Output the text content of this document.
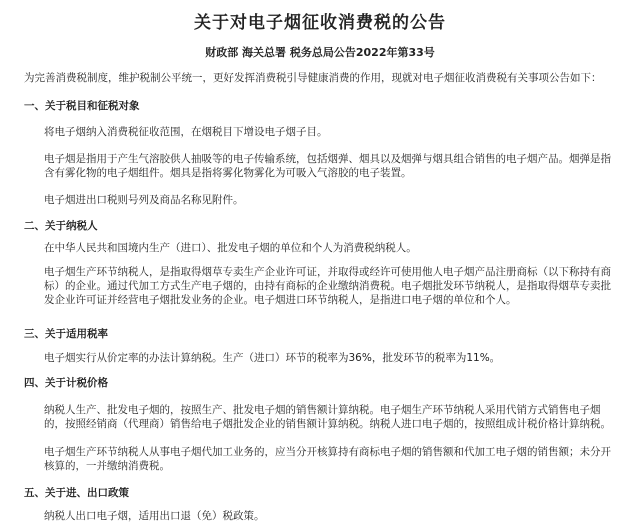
关于对电子烟征收消费税的公告
财政部 海关总署 税务总局公告2022年第33号
为完善消费税制度，维护税制公平统一，更好发挥消费税引导健康消费的作用，现就对电子烟征收消费税有关事项公告如下：
一、关于税目和征税对象
将电子烟纳入消费税征收范围，在烟税目下增设电子烟子目。
电子烟是指用于产生气溶胶供人抽吸等的电子传输系统，包括烟弹、烟具以及烟弹与烟具组合销售的电子烟产品。烟弹是指含有雾化物的电子烟组件。烟具是指将雾化物雾化为可吸入气溶胶的电子装置。
电子烟进出口税则号列及商品名称见附件。
二、关于纳税人
在中华人民共和国境内生产（进口）、批发电子烟的单位和个人为消费税纳税人。
电子烟生产环节纳税人，是指取得烟草专卖生产企业许可证，并取得或经许可使用他人电子烟产品注册商标（以下称持有商标）的企业。通过代加工方式生产电子烟的，由持有商标的企业缴纳消费税。电子烟批发环节纳税人，是指取得烟草专卖批发企业许可证并经营电子烟批发业务的企业。电子烟进口环节纳税人，是指进口电子烟的单位和个人。
三、关于适用税率
电子烟实行从价定率的办法计算纳税。生产（进口）环节的税率为36%，批发环节的税率为11%。
四、关于计税价格
纳税人生产、批发电子烟的，按照生产、批发电子烟的销售额计算纳税。电子烟生产环节纳税人采用代销方式销售电子烟的，按照经销商（代理商）销售给电子烟批发企业的销售额计算纳税。纳税人进口电子烟的，按照组成计税价格计算纳税。
电子烟生产环节纳税人从事电子烟代加工业务的，应当分开核算持有商标电子烟的销售额和代加工电子烟的销售额；未分开核算的，一并缴纳消费税。
五、关于进、出口政策
纳税人出口电子烟，适用出口退（免）税政策。
